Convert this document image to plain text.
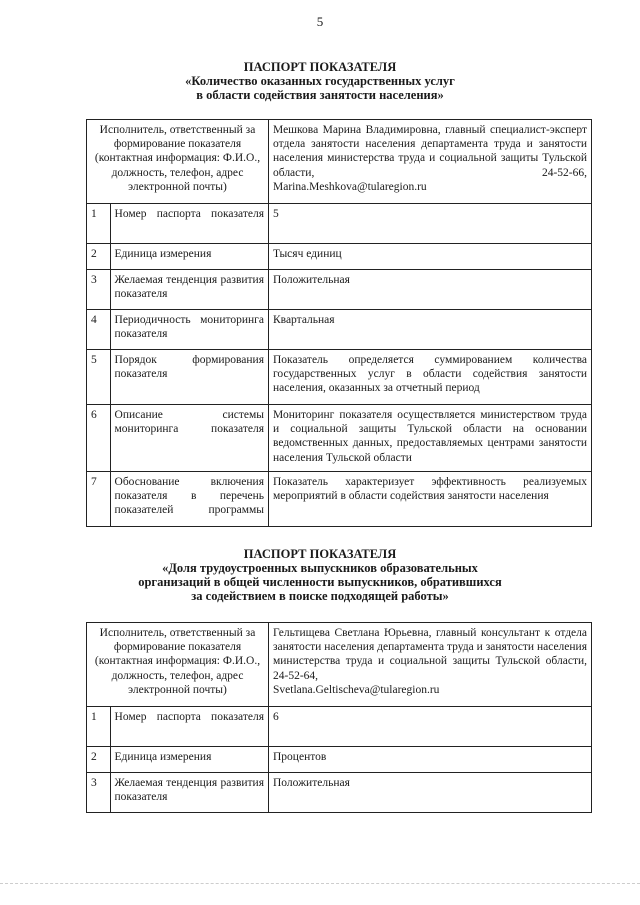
5
ПАСПОРТ ПОКАЗАТЕЛЯ
«Количество оказанных государственных услуг
в области содействия занятости населения»
Исполнитель, ответственный за формирование показателя (контактная информация: Ф.И.О., должность, телефон, адрес электронной почты)		Мешкова Марина Владимировна, главный специалист-эксперт отдела занятости населения департамента труда и занятости населения министерства труда и социальной защиты Тульской области, 24-52-66,
Marina.Meshkova@tularegion.ru
1	Номер паспорта показателя	5
2	Единица измерения	Тысяч единиц
3	Желаемая тенденция развития показателя	Положительная
4	Периодичность мониторинга показателя	Квартальная
5	Порядок формирования показателя	Показатель определяется суммированием количества государственных услуг в области содействия занятости населения, оказанных за отчетный период
6	Описание системы мониторинга показателя	Мониторинг показателя осуществляется министерством труда и социальной защиты Тульской области на основании ведомственных данных, предоставляемых центрами занятости населения Тульской области
7	Обоснование включения показателя в перечень показателей программы	Показатель характеризует эффективность реализуемых мероприятий в области содействия занятости населения
ПАСПОРТ ПОКАЗАТЕЛЯ
«Доля трудоустроенных выпускников образовательных
организаций в общей численности выпускников, обратившихся
за содействием в поиске подходящей работы»
Исполнитель, ответственный за формирование показателя (контактная информация: Ф.И.О., должность, телефон, адрес электронной почты)		Гельтищева Светлана Юрьевна, главный консультант к отдела занятости населения департамента труда и занятости населения министерства труда и социальной защиты Тульской области, 24-52-64,
Svetlana.Geltischeva@tularegion.ru
1	Номер паспорта показателя	6
2	Единица измерения	Процентов
3	Желаемая тенденция развития показателя	Положительная
